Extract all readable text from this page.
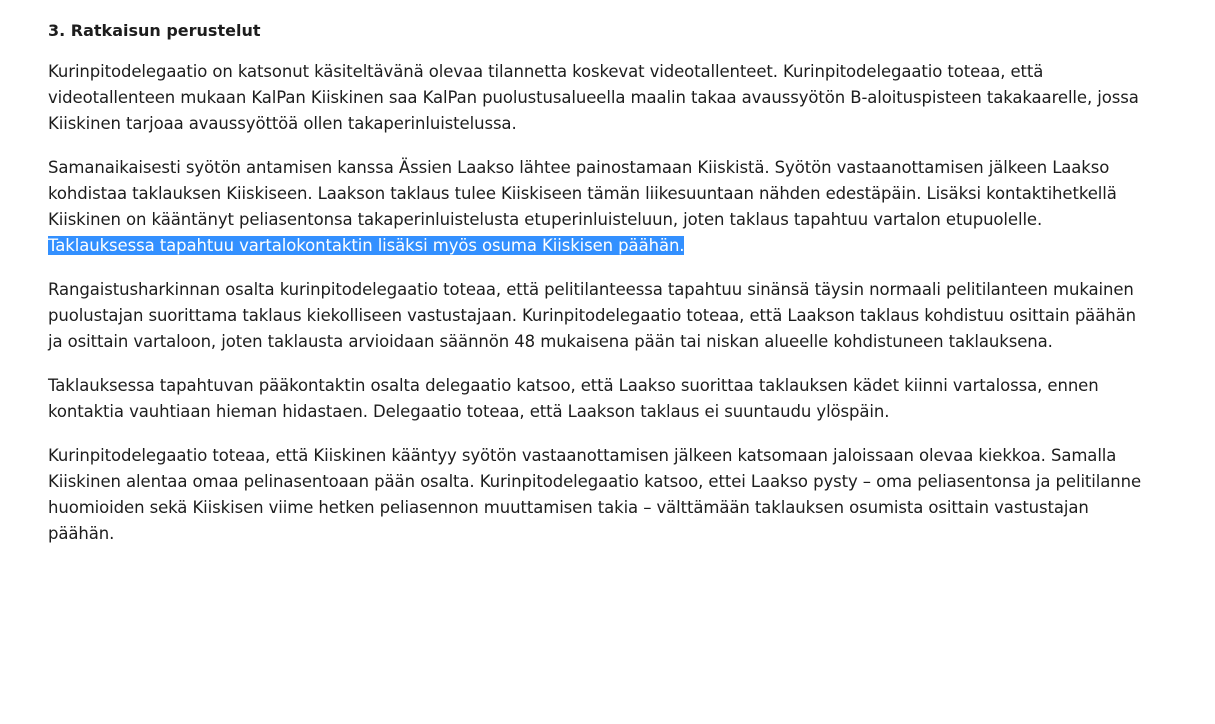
3. Ratkaisun perustelut

Kurinpitodelegaatio on katsonut käsiteltävänä olevaa tilannetta koskevat videotallenteet. Kurinpitodelegaatio toteaa, että videotallenteen mukaan KalPan Kiiskinen saa KalPan puolustusalueella maalin takaa avaussyötön B-aloituspisteen takakaarelle, jossa Kiiskinen tarjoaa avaussyöttöä ollen takaperinluistelussa.

Samanaikaisesti syötön antamisen kanssa Ässien Laakso lähtee painostamaan Kiiskistä. Syötön vastaanottamisen jälkeen Laakso kohdistaa taklauksen Kiiskiseen. Laakson taklaus tulee Kiiskiseen tämän liikesuuntaan nähden edestäpäin. Lisäksi kontaktihetkellä Kiiskinen on kääntänyt peliasentonsa takaperinluistelusta etuperinluisteluun, joten taklaus tapahtuu vartalon etupuolelle. Taklauksessa tapahtuu vartalokontaktin lisäksi myös osuma Kiiskisen päähän.

Rangaistusharkinnan osalta kurinpitodelegaatio toteaa, että pelitilanteessa tapahtuu sinänsä täysin normaali pelitilanteen mukainen puolustajan suorittama taklaus kiekolliseen vastustajaan. Kurinpitodelegaatio toteaa, että Laakson taklaus kohdistuu osittain päähän ja osittain vartaloon, joten taklausta arvioidaan säännön 48 mukaisena pään tai niskan alueelle kohdistuneen taklauksena.

Taklauksessa tapahtuvan pääkontaktin osalta delegaatio katsoo, että Laakso suorittaa taklauksen kädet kiinni vartalossa, ennen kontaktia vauhtiaan hieman hidastaen. Delegaatio toteaa, että Laakson taklaus ei suuntaudu ylöspäin.

Kurinpitodelegaatio toteaa, että Kiiskinen kääntyy syötön vastaanottamisen jälkeen katsomaan jaloissaan olevaa kiekkoa. Samalla Kiiskinen alentaa omaa pelinasentoaan pään osalta. Kurinpitodelegaatio katsoo, ettei Laakso pysty – oma peliasentonsa ja pelitilanne huomioiden sekä Kiiskisen viime hetken peliasennon muuttamisen takia – välttämään taklauksen osumista osittain vastustajan päähän.
